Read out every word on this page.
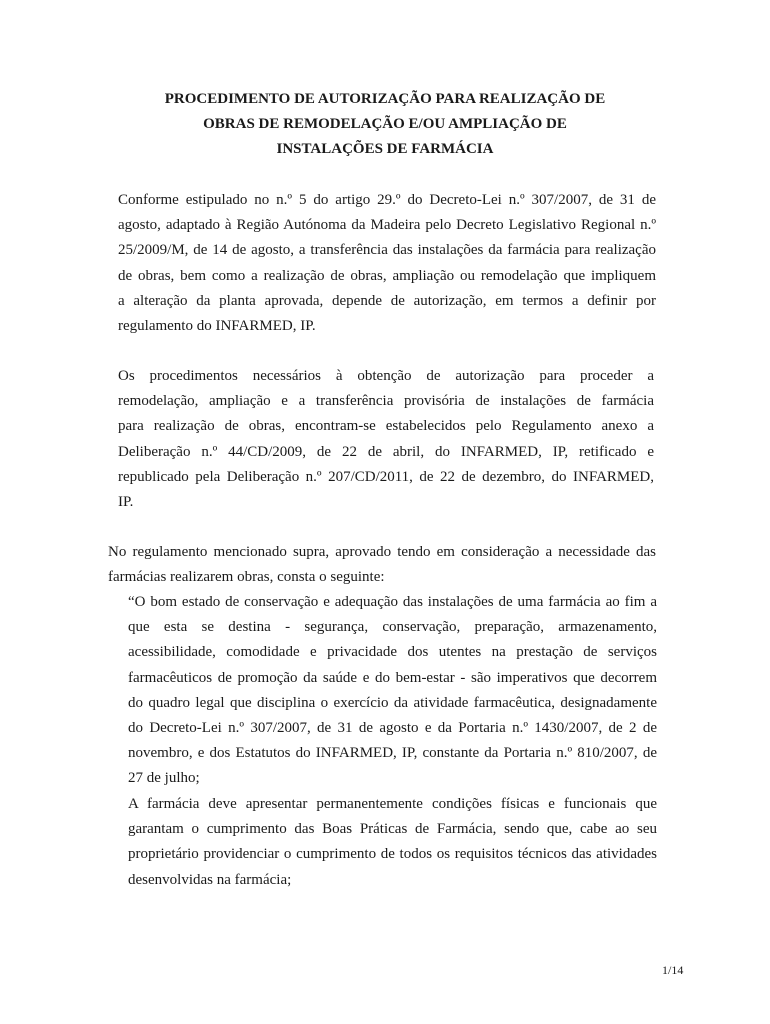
PROCEDIMENTO DE AUTORIZAÇÃO PARA REALIZAÇÃO DE
OBRAS DE REMODELAÇÃO E/OU AMPLIAÇÃO DE
INSTALAÇÕES DE FARMÁCIA
Conforme estipulado no n.º 5 do artigo 29.º do Decreto-Lei n.º 307/2007, de 31 de
agosto, adaptado à Região Autónoma da Madeira pelo Decreto Legislativo Regional n.º
25/2009/M, de 14 de agosto, a transferência das instalações da farmácia para realização
de obras, bem como a realização de obras, ampliação ou remodelação que impliquem
a alteração da planta aprovada, depende de autorização, em termos a definir por
regulamento do INFARMED, IP.
Os procedimentos necessários à obtenção de autorização para proceder a
remodelação, ampliação e a transferência provisória de instalações de farmácia
para realização de obras, encontram-se estabelecidos pelo Regulamento anexo a
Deliberação n.º 44/CD/2009, de 22 de abril, do INFARMED, IP, retificado e
republicado pela Deliberação n.º 207/CD/2011, de 22 de dezembro, do INFARMED,
IP.
No regulamento mencionado supra, aprovado tendo em consideração a necessidade das
farmácias realizarem obras, consta o seguinte:
“O bom estado de conservação e adequação das instalações de uma farmácia ao fim a
que esta se destina - segurança, conservação, preparação, armazenamento,
acessibilidade, comodidade e privacidade dos utentes na prestação de serviços
farmacêuticos de promoção da saúde e do bem-estar - são imperativos que decorrem
do quadro legal que disciplina o exercício da atividade farmacêutica, designadamente
do Decreto-Lei n.º 307/2007, de 31 de agosto e da Portaria n.º 1430/2007, de 2 de
novembro, e dos Estatutos do INFARMED, IP, constante da Portaria n.º 810/2007, de
27 de julho;
A farmácia deve apresentar permanentemente condições físicas e funcionais que
garantam o cumprimento das Boas Práticas de Farmácia, sendo que, cabe ao seu
proprietário providenciar o cumprimento de todos os requisitos técnicos das atividades
desenvolvidas na farmácia;

1/14
